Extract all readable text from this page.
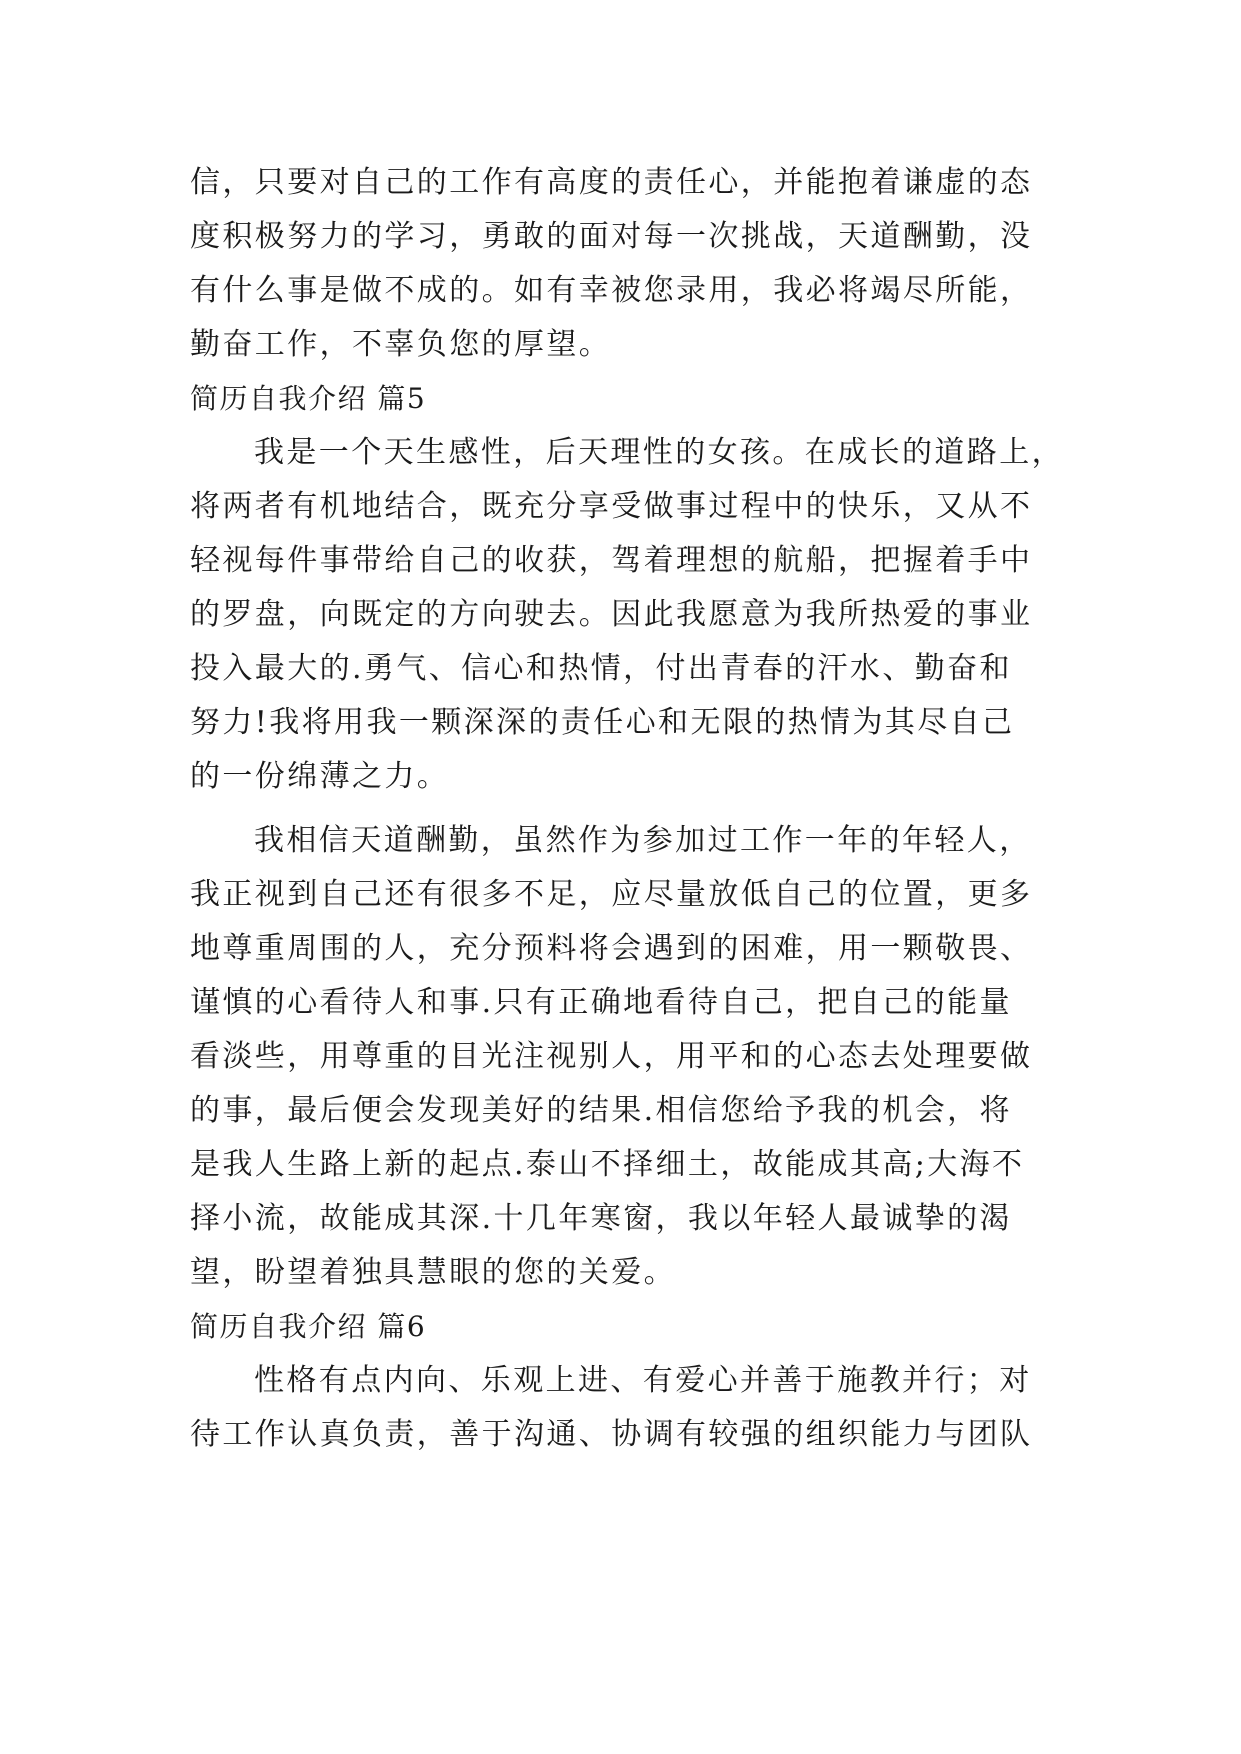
信，只要对自己的工作有高度的责任心，并能抱着谦虚的态
度积极努力的学习，勇敢的面对每一次挑战，天道酬勤，没
有什么事是做不成的。如有幸被您录用，我必将竭尽所能，
勤奋工作，不辜负您的厚望。
简历自我介绍 篇5
我是一个天生感性，后天理性的女孩。在成长的道路上，
将两者有机地结合，既充分享受做事过程中的快乐，又从不
轻视每件事带给自己的收获，驾着理想的航船，把握着手中
的罗盘，向既定的方向驶去。因此我愿意为我所热爱的事业
投入最大的.勇气、信心和热情，付出青春的汗水、勤奋和
努力!我将用我一颗深深的责任心和无限的热情为其尽自己
的一份绵薄之力。
我相信天道酬勤，虽然作为参加过工作一年的年轻人，
我正视到自己还有很多不足，应尽量放低自己的位置，更多
地尊重周围的人，充分预料将会遇到的困难，用一颗敬畏、
谨慎的心看待人和事.只有正确地看待自己，把自己的能量
看淡些，用尊重的目光注视别人，用平和的心态去处理要做
的事，最后便会发现美好的结果.相信您给予我的机会，将
是我人生路上新的起点.泰山不择细土，故能成其高;大海不
择小流，故能成其深.十几年寒窗，我以年轻人最诚挚的渴
望，盼望着独具慧眼的您的关爱。
简历自我介绍 篇6
性格有点内向、乐观上进、有爱心并善于施教并行；对
待工作认真负责，善于沟通、协调有较强的组织能力与团队
